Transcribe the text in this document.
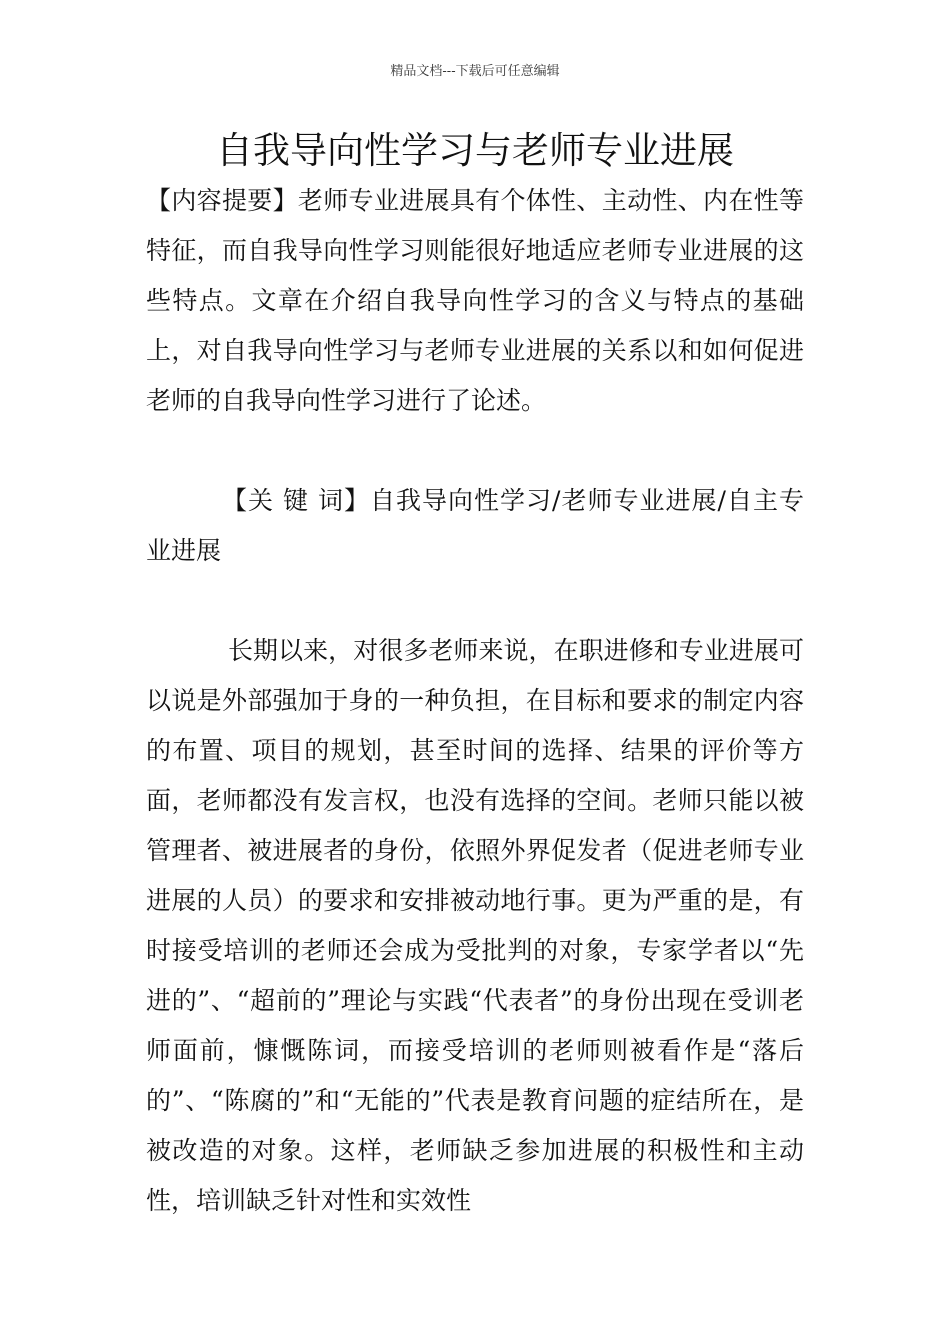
精品文档---下载后可任意编辑
自我导向性学习与老师专业进展

【内容提要】老师专业进展具有个体性、主动性、内在性等特征，而自我导向性学习则能很好地适应老师专业进展的这些特点。文章在介绍自我导向性学习的含义与特点的基础上，对自我导向性学习与老师专业进展的关系以和如何促进老师的自我导向性学习进行了论述。

【关 键 词】自我导向性学习/老师专业进展/自主专业进展

长期以来，对很多老师来说，在职进修和专业进展可以说是外部强加于身的一种负担，在目标和要求的制定内容的布置、项目的规划，甚至时间的选择、结果的评价等方面，老师都没有发言权，也没有选择的空间。老师只能以被管理者、被进展者的身份，依照外界促发者（促进老师专业进展的人员）的要求和安排被动地行事。更为严重的是，有时接受培训的老师还会成为受批判的对象，专家学者以“先进的”、“超前的”理论与实践“代表者”的身份出现在受训老师面前，慷慨陈词，而接受培训的老师则被看作是“落后的”、“陈腐的”和“无能的”代表是教育问题的症结所在，是被改造的对象。这样，老师缺乏参加进展的积极性和主动性，培训缺乏针对性和实效性
